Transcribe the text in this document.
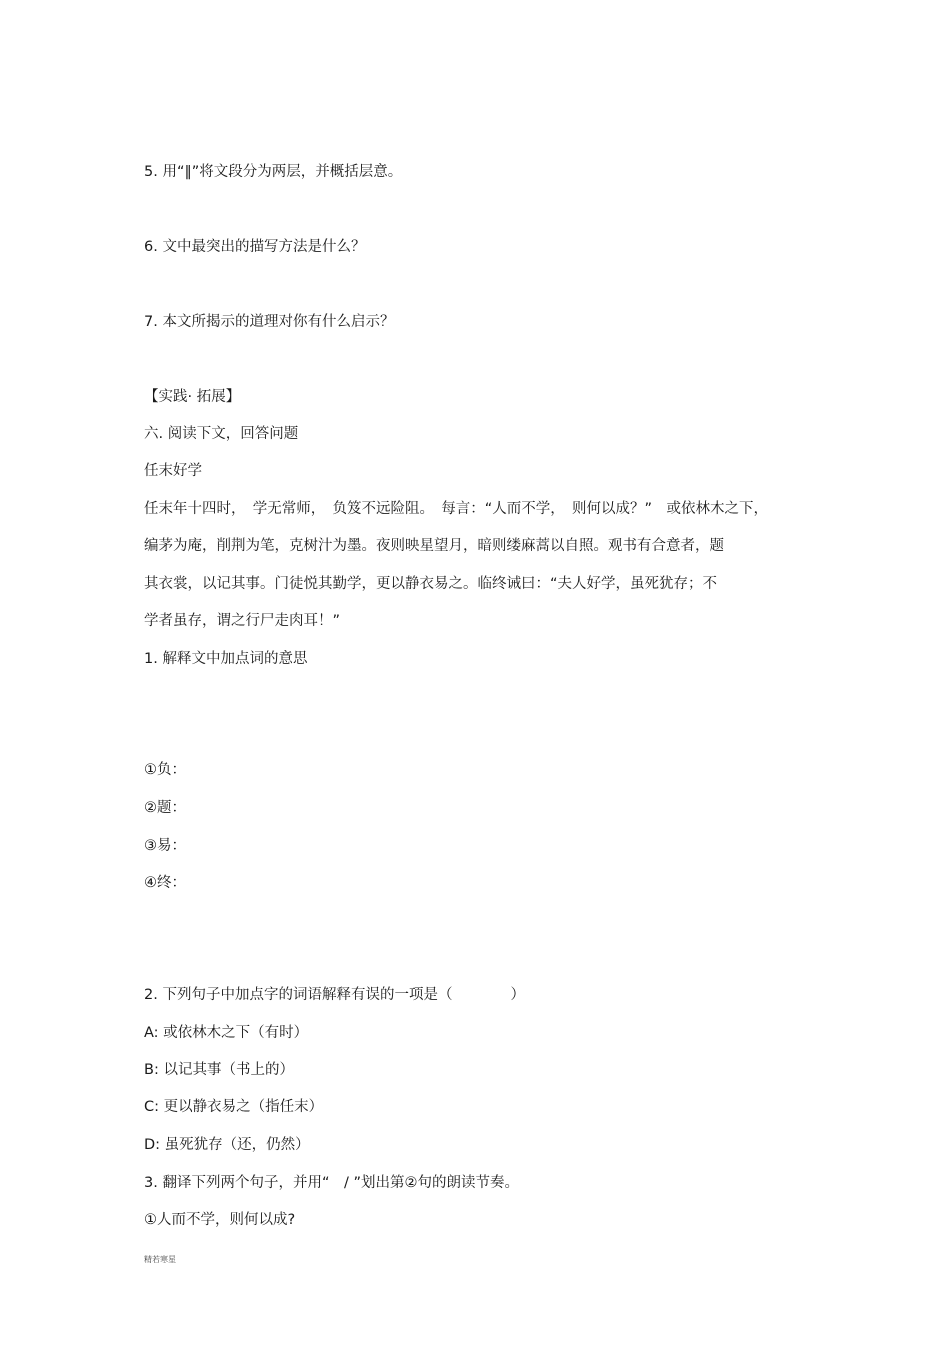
5. 用“‖”将文段分为两层，并概括层意。
6. 文中最突出的描写方法是什么？
7. 本文所揭示的道理对你有什么启示？
【实践· 拓展】
六. 阅读下文，回答问题
任末好学
任末年十四时，　学无常师，　负笈不远险阻。　每言：“人而不学，　则何以成？”　或依林木之下，
编茅为庵，削荆为笔，克树汁为墨。夜则映星望月，暗则缕麻蒿以自照。观书有合意者，题
其衣裳，以记其事。门徒悦其勤学，更以静衣易之。临终诫曰：“夫人好学，虽死犹存；不
学者虽存，谓之行尸走肉耳！”
1. 解释文中加点词的意思
①负：
②题：
③易：
④终：
2. 下列句子中加点字的词语解释有误的一项是（　　　　）
A: 或依林木之下（有时）
B: 以记其事（书上的）
C: 更以静衣易之（指任末）
D: 虽死犹存（还，仍然）
3. 翻译下列两个句子，并用“　/ ”划出第②句的朗读节奏。
①人而不学，则何以成?
精若寒星
